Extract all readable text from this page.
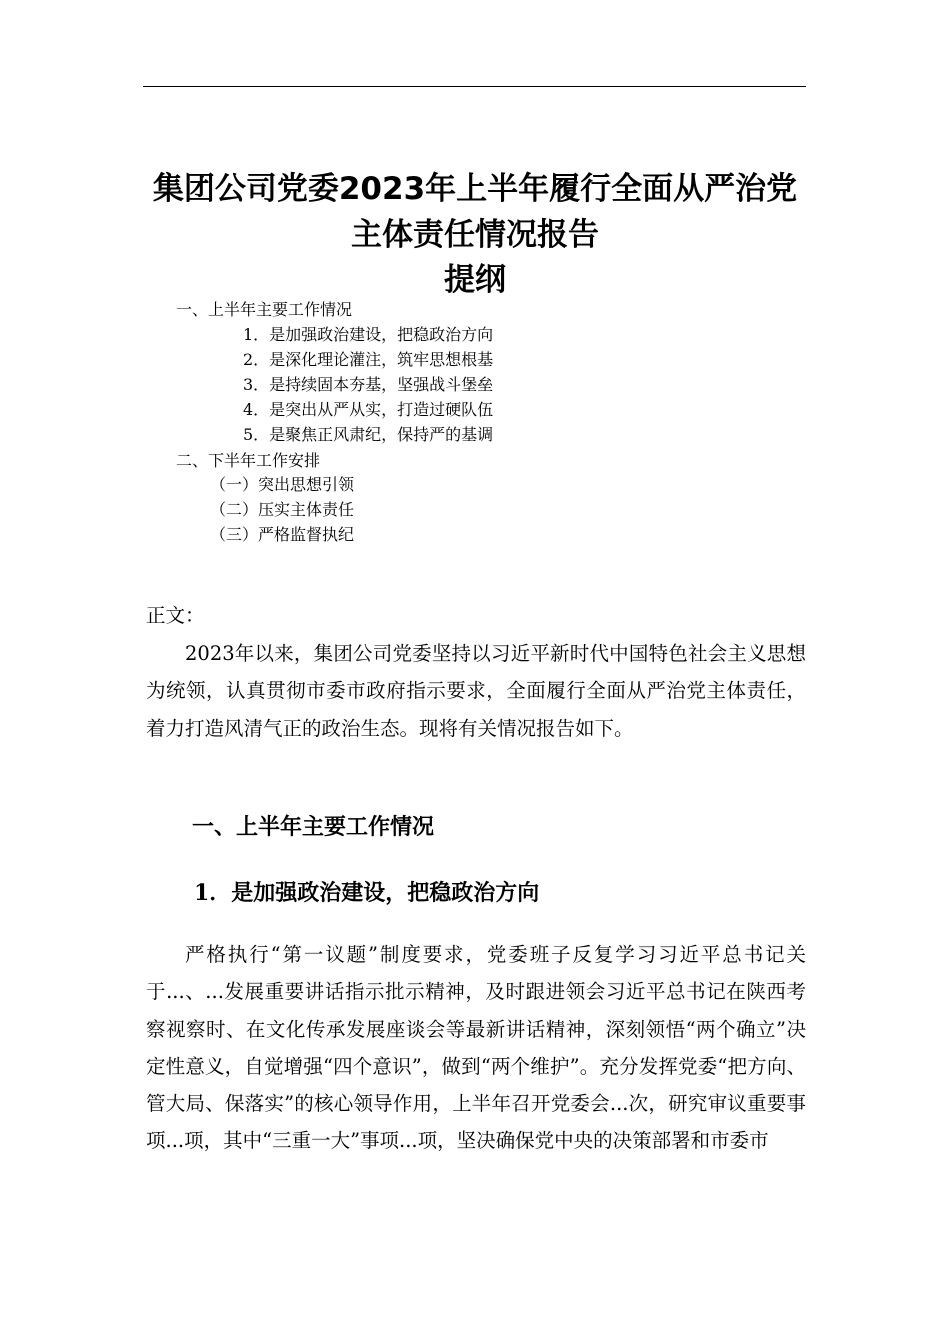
集团公司党委2023年上半年履行全面从严治党
主体责任情况报告
提纲
一、上半年主要工作情况
1．是加强政治建设，把稳政治方向
2．是深化理论灌注，筑牢思想根基
3．是持续固本夯基，坚强战斗堡垒
4．是突出从严从实，打造过硬队伍
5．是聚焦正风肃纪，保持严的基调
二、下半年工作安排
（一）突出思想引领
（二）压实主体责任
（三）严格监督执纪
正文：
2023年以来，集团公司党委坚持以习近平新时代中国特色社会主义思想为统领，认真贯彻市委市政府指示要求，全面履行全面从严治党主体责任，着力打造风清气正的政治生态。现将有关情况报告如下。
一、上半年主要工作情况
1．是加强政治建设，把稳政治方向
严格执行“第一议题”制度要求，党委班子反复学习习近平总书记关于...、...发展重要讲话指示批示精神，及时跟进领会习近平总书记在陕西考察视察时、在文化传承发展座谈会等最新讲话精神，深刻领悟“两个确立”决定性意义，自觉增强“四个意识”，做到“两个维护”。充分发挥党委“把方向、管大局、保落实”的核心领导作用，上半年召开党委会...次，研究审议重要事项...项，其中“三重一大”事项...项，坚决确保党中央的决策部署和市委市
